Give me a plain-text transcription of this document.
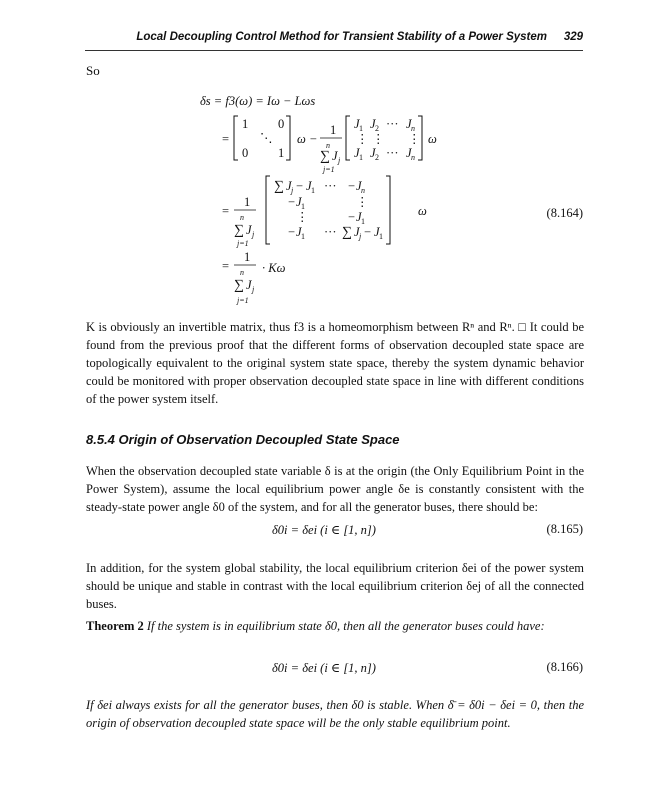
Local Decoupling Control Method for Transient Stability of a Power System 329
So
δs = f3(ω) = Iω − Lωs
=
1 0
⋱
0 1
ω −
1
n
∑ J j
j=1
J 1 J 2 ··· J n
⋮ ⋮ ⋮
J 1 J 2 ··· J n
ω
=
1
n
∑ J j
j=1
∑ J j − J 1 ··· − J n
− J 1	⋮
⋮	− J 1
− J 1 ··· ∑ J j − J 1
ω
=
1
n
∑ J j
j=1
· Kω
(8.164)

K is obviously an invertible matrix, thus f3 is a homeomorphism between Rⁿ and Rⁿ. □ It could be found from the previous proof that the different forms of observation decoupled state space are topologically equivalent to the original system state space, thereby the system dynamic behavior could be monitored with proper observation decoupled state space in line with different conditions of the power system itself.

8.5.4 Origin of Observation Decoupled State Space

When the observation decoupled state variable δ is at the origin (the Only Equilibrium Point in the Power System), assume the local equilibrium power angle δe is constantly consistent with the steady-state power angle δ0 of the system, and for all the generator buses, there should be:

δ0i = δei (i ∈ [1, n])	(8.165)

In addition, for the system global stability, the local equilibrium criterion δei of the power system should be unique and stable in contrast with the local equilibrium criterion δej of all the connected buses.

Theorem 2 If the system is in equilibrium state δ0, then all the generator buses could have:

δ0i = δei (i ∈ [1, n])	(8.166)

If δei always exists for all the generator buses, then δ0 is stable. When δ̄ = δ0i − δei = 0, then the origin of observation decoupled state space will be the only stable equilibrium point.
